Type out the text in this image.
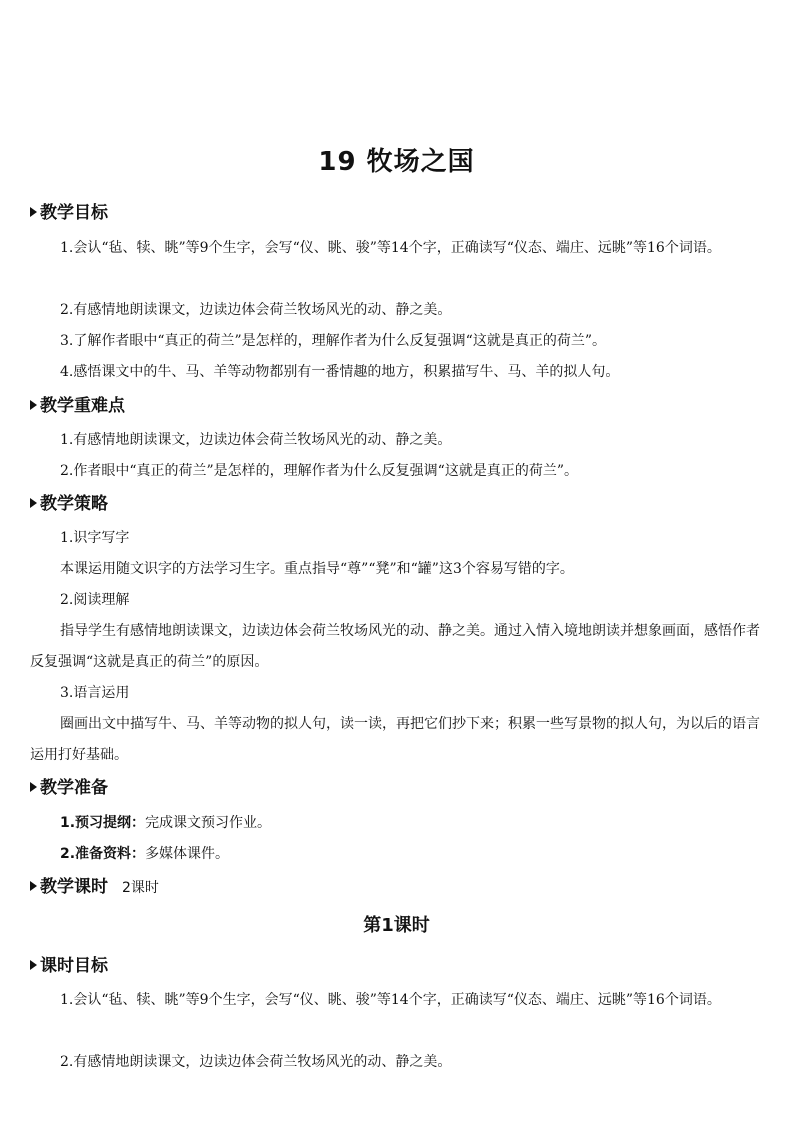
19 牧场之国
教学目标

1.会认“毡、犊、眺”等9个生字，会写“仪、眺、骏”等14个字，正确读写“仪态、端庄、远眺”等16个词语。

2.有感情地朗读课文，边读边体会荷兰牧场风光的动、静之美。

3.了解作者眼中“真正的荷兰”是怎样的，理解作者为什么反复强调“这就是真正的荷兰”。

4.感悟课文中的牛、马、羊等动物都别有一番情趣的地方，积累描写牛、马、羊的拟人句。

教学重难点

1.有感情地朗读课文，边读边体会荷兰牧场风光的动、静之美。

2.作者眼中“真正的荷兰”是怎样的，理解作者为什么反复强调“这就是真正的荷兰”。

教学策略

1.识字写字

本课运用随文识字的方法学习生字。重点指导“尊”“凳”和“罐”这3个容易写错的字。

2.阅读理解

指导学生有感情地朗读课文，边读边体会荷兰牧场风光的动、静之美。通过入情入境地朗读并想象画面，感悟作者反复强调“这就是真正的荷兰”的原因。

3.语言运用

圈画出文中描写牛、马、羊等动物的拟人句，读一读，再把它们抄下来；积累一些写景物的拟人句，为以后的语言运用打好基础。

教学准备

1.预习提纲：完成课文预习作业。

2.准备资料：多媒体课件。

教学课时 2课时
第1课时
课时目标

1.会认“毡、犊、眺”等9个生字，会写“仪、眺、骏”等14个字，正确读写“仪态、端庄、远眺”等16个词语。

2.有感情地朗读课文，边读边体会荷兰牧场风光的动、静之美。
